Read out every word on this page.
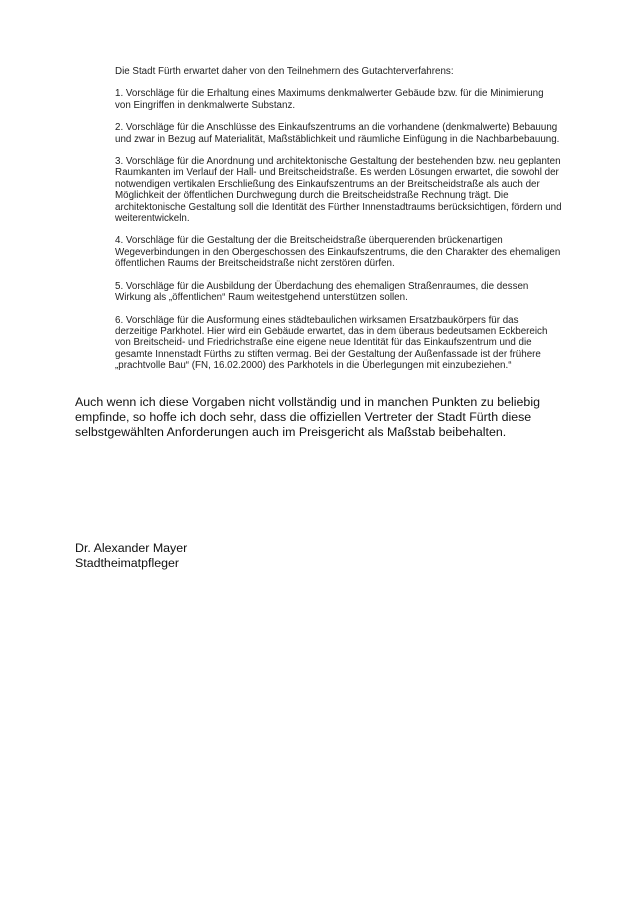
Die Stadt Fürth erwartet daher von den Teilnehmern des Gutachterverfahrens:

1. Vorschläge für die Erhaltung eines Maximums denkmalwerter Gebäude bzw. für die Minimierung von Eingriffen in denkmalwerte Substanz.

2. Vorschläge für die Anschlüsse des Einkaufszentrums an die vorhandene (denkmalwerte) Bebauung und zwar in Bezug auf Materialität, Maßstäblichkeit und räumliche Einfügung in die Nachbarbebauung.

3. Vorschläge für die Anordnung und architektonische Gestaltung der bestehenden bzw. neu geplanten Raumkanten im Verlauf der Hall- und Breitscheidstraße. Es werden Lösungen erwartet, die sowohl der notwendigen vertikalen Erschließung des Einkaufszentrums an der Breitscheidstraße als auch der Möglichkeit der öffentlichen Durchwegung durch die Breitscheidstraße Rechnung trägt. Die architektonische Gestaltung soll die Identität des Fürther Innenstadtraums berücksichtigen, fördern und weiterentwickeln.

4. Vorschläge für die Gestaltung der die Breitscheidstraße überquerenden brückenartigen Wegeverbindungen in den Obergeschossen des Einkaufszentrums, die den Charakter des ehemaligen öffentlichen Raums der Breitscheidstraße nicht zerstören dürfen.

5. Vorschläge für die Ausbildung der Überdachung des ehemaligen Straßenraumes, die dessen Wirkung als „öffentlichen“ Raum weitestgehend unterstützen sollen.

6. Vorschläge für die Ausformung eines städtebaulichen wirksamen Ersatzbaukörpers für das derzeitige Parkhotel. Hier wird ein Gebäude erwartet, das in dem überaus bedeutsamen Eckbereich von Breitscheid- und Friedrichstraße eine eigene neue Identität für das Einkaufszentrum und die gesamte Innenstadt Fürths zu stiften vermag. Bei der Gestaltung der Außenfassade ist der frühere „prachtvolle Bau“ (FN, 16.02.2000) des Parkhotels in die Überlegungen mit einzubeziehen.“

Auch wenn ich diese Vorgaben nicht vollständig und in manchen Punkten zu beliebig empfinde, so hoffe ich doch sehr, dass die offiziellen Vertreter der Stadt Fürth diese selbstgewählten Anforderungen auch im Preisgericht als Maßstab beibehalten.

Dr. Alexander Mayer

Stadtheimatpfleger
